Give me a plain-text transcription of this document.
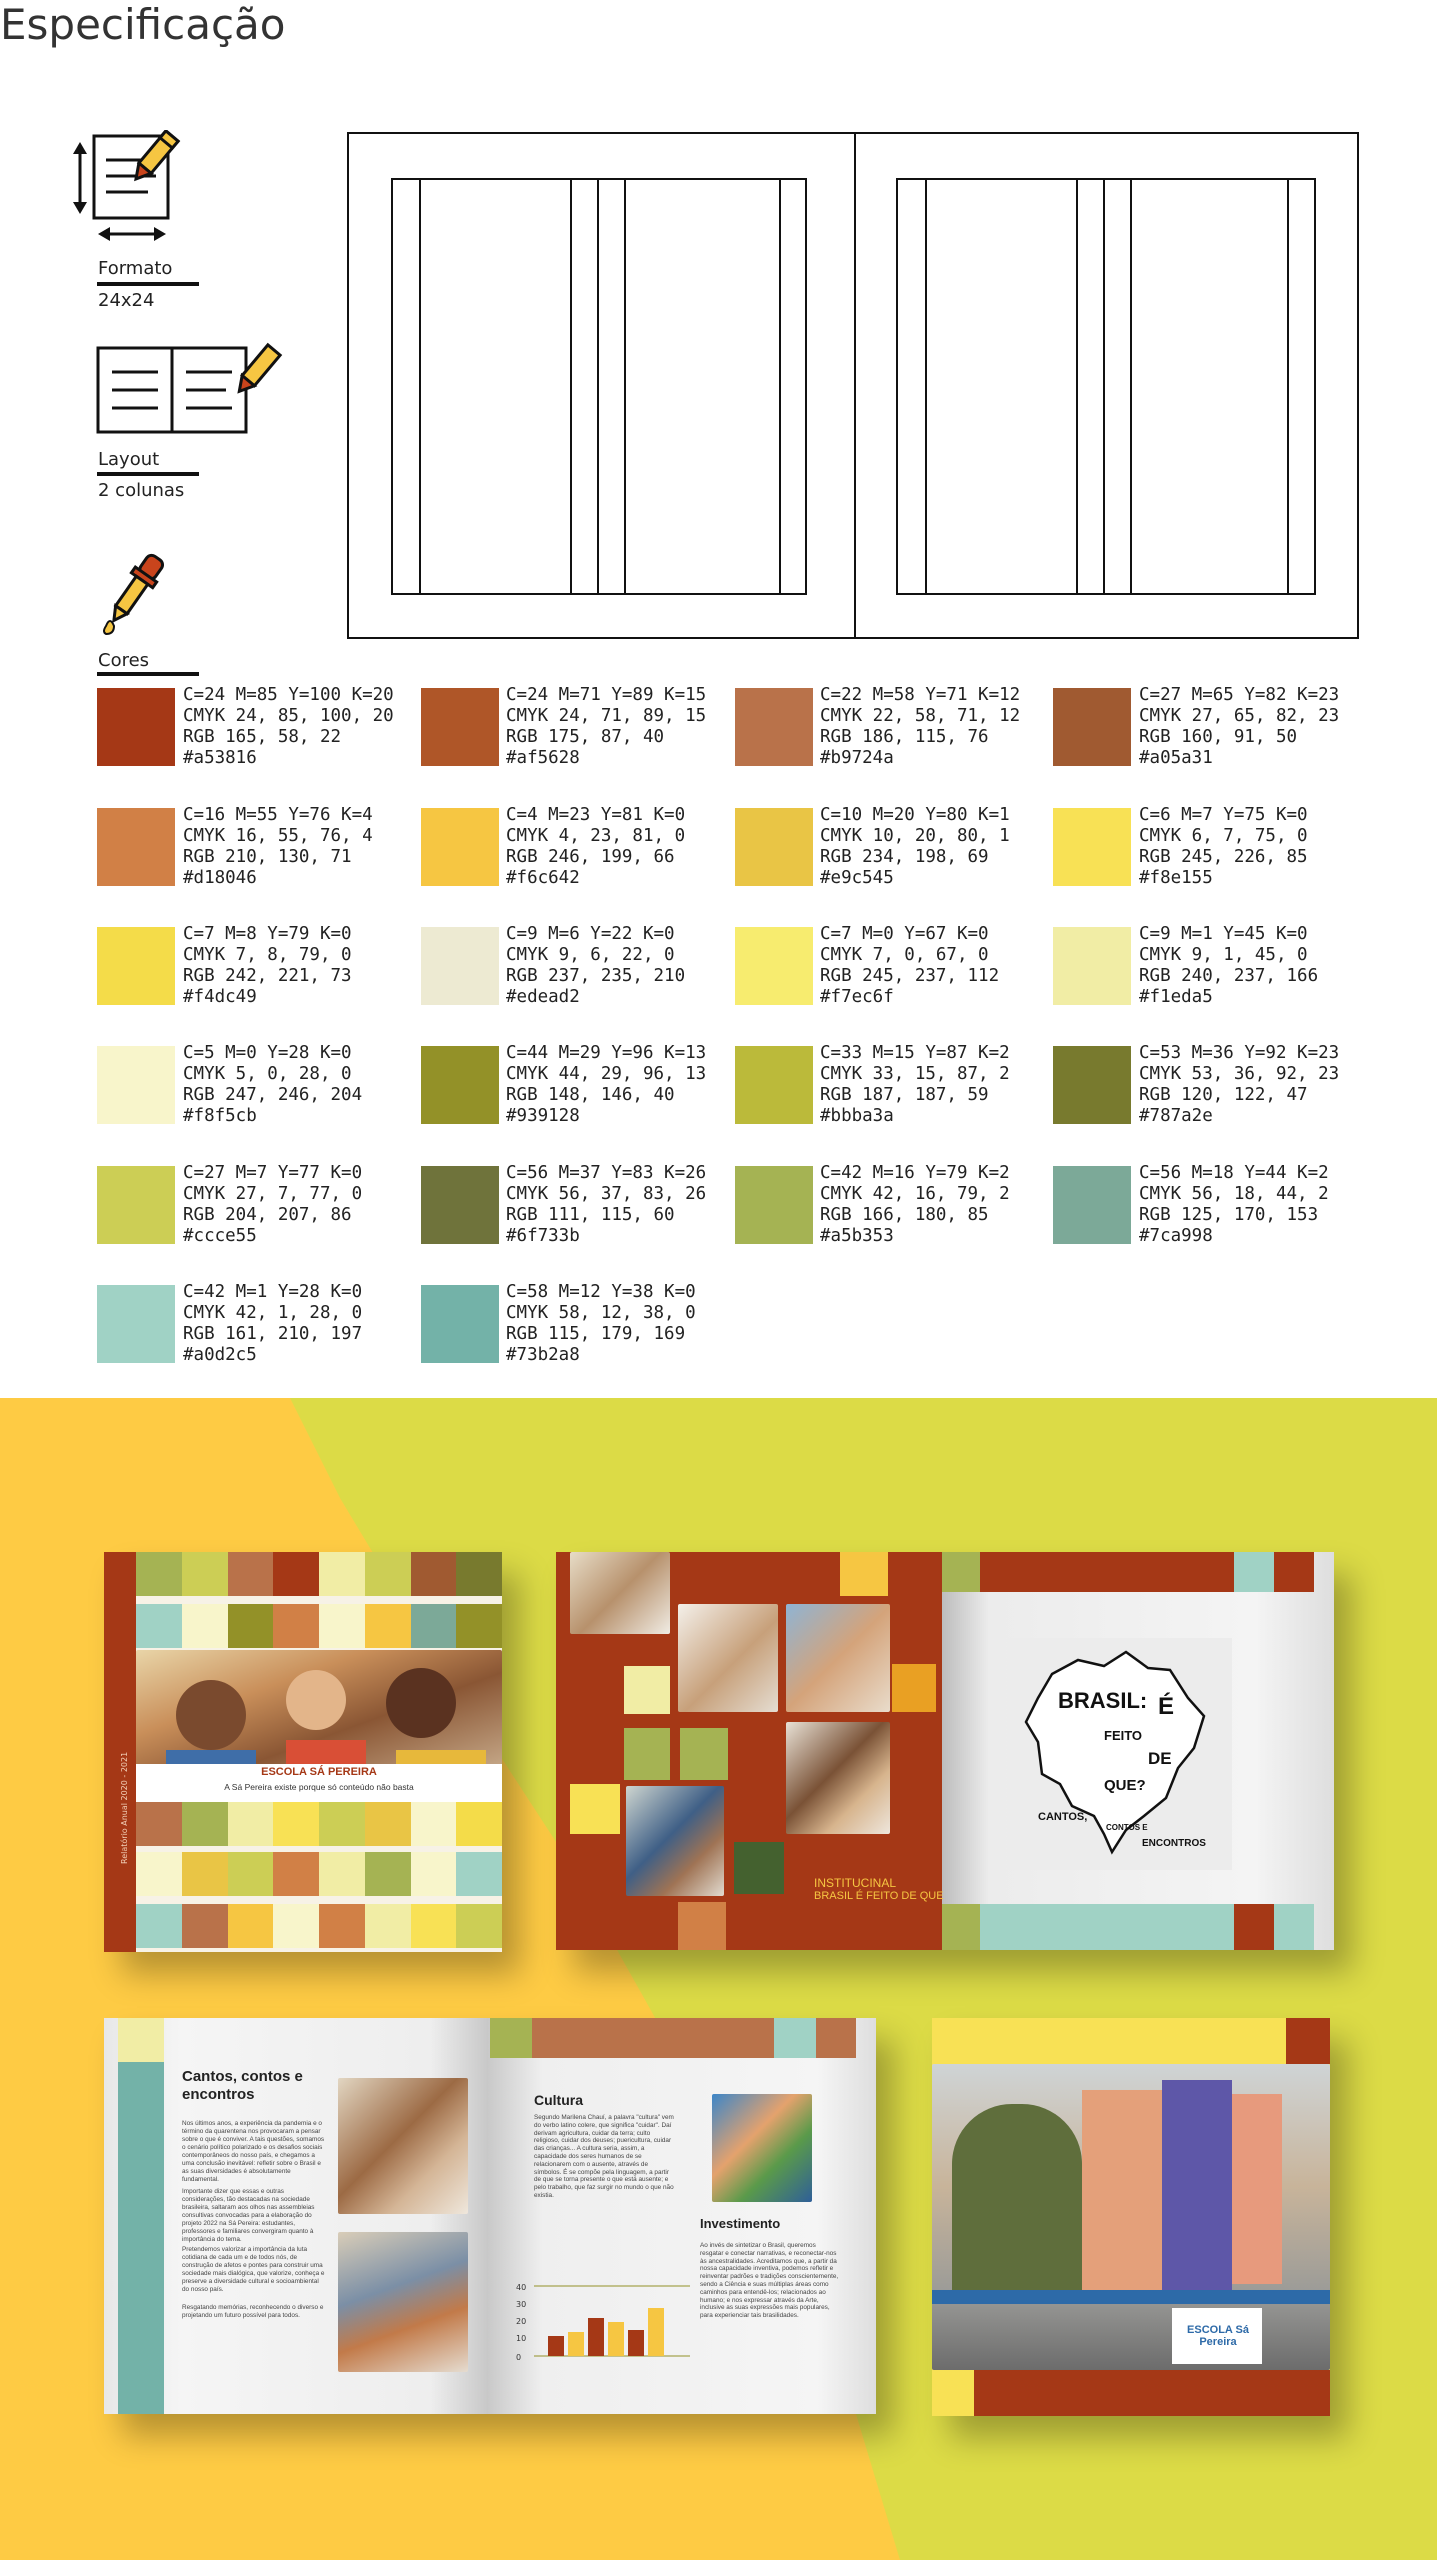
Especificação
Formato
24x24
Layout
2 colunas
Cores
C=24 M=85 Y=100 K=20
CMYK 24, 85, 100, 20
RGB 165, 58, 22
#a53816
C=24 M=71 Y=89 K=15
CMYK 24, 71, 89, 15
RGB 175, 87, 40
#af5628
C=22 M=58 Y=71 K=12
CMYK 22, 58, 71, 12
RGB 186, 115, 76
#b9724a
C=27 M=65 Y=82 K=23
CMYK 27, 65, 82, 23
RGB 160, 91, 50
#a05a31
C=16 M=55 Y=76 K=4
CMYK 16, 55, 76, 4
RGB 210, 130, 71
#d18046
C=4 M=23 Y=81 K=0
CMYK 4, 23, 81, 0
RGB 246, 199, 66
#f6c642
C=10 M=20 Y=80 K=1
CMYK 10, 20, 80, 1
RGB 234, 198, 69
#e9c545
C=6 M=7 Y=75 K=0
CMYK 6, 7, 75, 0
RGB 245, 226, 85
#f8e155
C=7 M=8 Y=79 K=0
CMYK 7, 8, 79, 0
RGB 242, 221, 73
#f4dc49
C=9 M=6 Y=22 K=0
CMYK 9, 6, 22, 0
RGB 237, 235, 210
#edead2
C=7 M=0 Y=67 K=0
CMYK 7, 0, 67, 0
RGB 245, 237, 112
#f7ec6f
C=9 M=1 Y=45 K=0
CMYK 9, 1, 45, 0
RGB 240, 237, 166
#f1eda5
C=5 M=0 Y=28 K=0
CMYK 5, 0, 28, 0
RGB 247, 246, 204
#f8f5cb
C=44 M=29 Y=96 K=13
CMYK 44, 29, 96, 13
RGB 148, 146, 40
#939128
C=33 M=15 Y=87 K=2
CMYK 33, 15, 87, 2
RGB 187, 187, 59
#bbba3a
C=53 M=36 Y=92 K=23
CMYK 53, 36, 92, 23
RGB 120, 122, 47
#787a2e
C=27 M=7 Y=77 K=0
CMYK 27, 7, 77, 0
RGB 204, 207, 86
#ccce55
C=56 M=37 Y=83 K=26
CMYK 56, 37, 83, 26
RGB 111, 115, 60
#6f733b
C=42 M=16 Y=79 K=2
CMYK 42, 16, 79, 2
RGB 166, 180, 85
#a5b353
C=56 M=18 Y=44 K=2
CMYK 56, 18, 44, 2
RGB 125, 170, 153
#7ca998
C=42 M=1 Y=28 K=0
CMYK 42, 1, 28, 0
RGB 161, 210, 197
#a0d2c5
C=58 M=12 Y=38 K=0
CMYK 58, 12, 38, 0
RGB 115, 179, 169
#73b2a8
ESCOLA SÁ PEREIRA
A Sá Pereira existe porque só conteúdo não basta
INSTITUCINAL
BRASIL É FEITO DE QUE
BRASIL: É
FEITO
DE
QUE?
CANTOS,
CONTOS E
ENCONTROS
Cantos, contos e encontros
Nos últimos anos, a experiência da pandemia e o término da quarentena nos provocaram a pensar sobre o que é conviver. A tais questões, somamos o cenário político polarizado e os desafios sociais contemporâneos do nosso país, e chegamos a uma conclusão inevitável: refletir sobre o Brasil e as suas diversidades é absolutamente fundamental.
Importante dizer que essas e outras considerações, tão destacadas na sociedade brasileira, saltaram aos olhos nas assembleias consultivas convocadas para a elaboração do projeto 2022 na Sá Pereira: estudantes, professores e familiares convergiram quanto à importância do tema.
Pretendemos valorizar a importância da luta cotidiana de cada um e de todos nós, de construção de afetos e pontes para construir uma sociedade mais dialógica, que valorize, conheça e preserve a diversidade cultural e socioambiental do nosso país.
Resgatando memórias, reconhecendo o diverso e projetando um futuro possível para todos.
Cultura
Segundo Marilena Chauí, a palavra "cultura" vem do verbo latino colere, que significa "cuidar". Daí derivam agricultura, cuidar da terra; culto religioso, cuidar dos deuses; puericultura, cuidar das crianças... A cultura seria, assim, a capacidade dos seres humanos de se relacionarem com o ausente, através de símbolos. É se compõe pela linguagem, a partir de que se torna presente o que está ausente; e pelo trabalho, que faz surgir no mundo o que não existia.
Investimento
Ao invés de sintetizar o Brasil, queremos resgatar e conectar narrativas, e reconectar-nos às ancestralidades. Acreditamos que, a partir da nossa capacidade inventiva, podemos refletir e reinventar padrões e tradições conscientemente, sendo a Ciência e suas múltiplas áreas como caminhos para entendê-los; relacionados ao humano; e nos expressar através da Arte, inclusive as suas expressões mais populares, para experienciar tais brasilidades.
40
30
20
10
0
ESCOLA Sá Pereira
